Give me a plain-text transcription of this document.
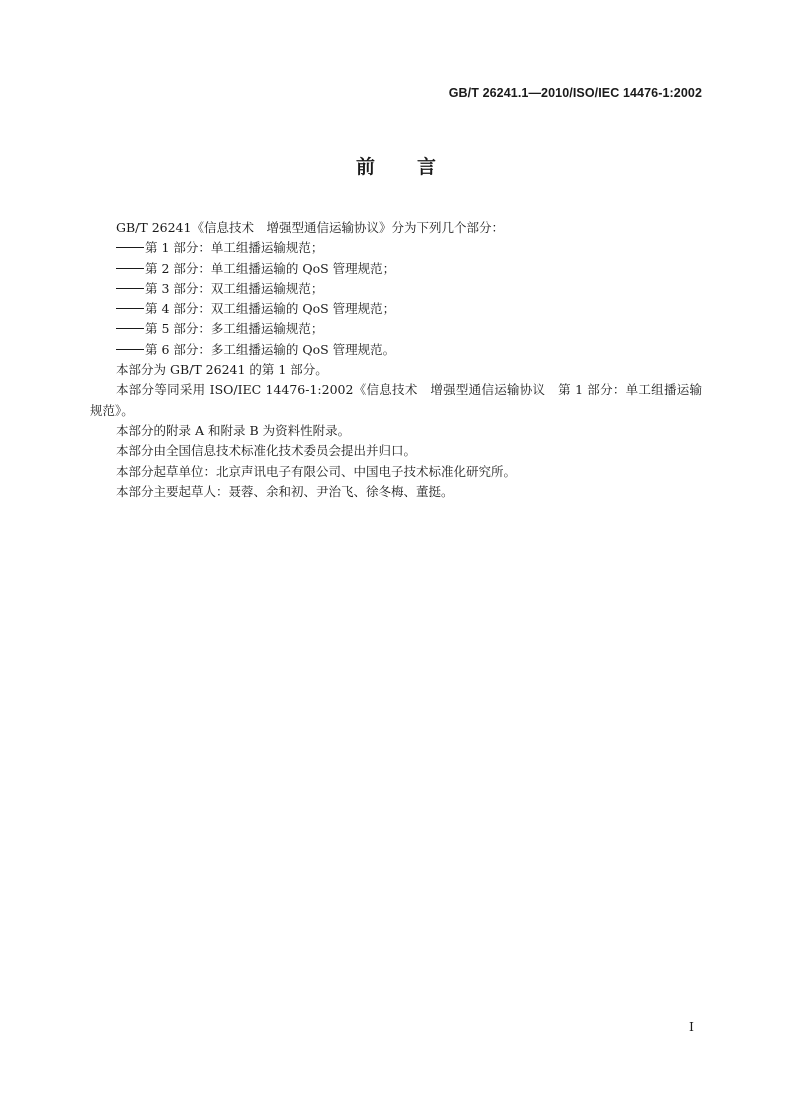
GB/T 26241.1—2010/ISO/IEC 14476-1:2002
前 言

GB/T 26241《信息技术　增强型通信运输协议》分为下列几个部分：

第 1 部分：单工组播运输规范；

第 2 部分：单工组播运输的 QoS 管理规范；

第 3 部分：双工组播运输规范；

第 4 部分：双工组播运输的 QoS 管理规范；

第 5 部分：多工组播运输规范；

第 6 部分：多工组播运输的 QoS 管理规范。

本部分为 GB/T 26241 的第 1 部分。

本部分等同采用 ISO/IEC 14476-1:2002《信息技术　增强型通信运输协议　第 1 部分：单工组播运输规范》。

本部分的附录 A 和附录 B 为资料性附录。

本部分由全国信息技术标准化技术委员会提出并归口。

本部分起草单位：北京声讯电子有限公司、中国电子技术标准化研究所。

本部分主要起草人：聂蓉、余和初、尹治飞、徐冬梅、董挺。

I
